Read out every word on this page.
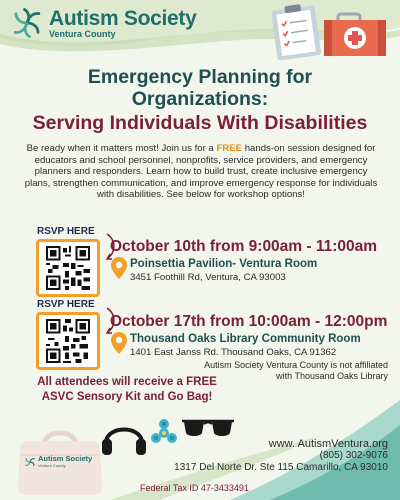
Autism Society
Ventura County
Emergency Planning for
Organizations:
Serving Individuals With Disabilities
Be ready when it matters most! Join us for a FREE hands-on session designed for educators and school personnel, nonprofits, service providers, and emergency planners and responders. Learn how to build trust, create inclusive emergency plans, strengthen communication, and improve emergency response for individuals with disabilities. See below for workshop options!
RSVP HERE
October 10th from 9:00am - 11:00am
Poinsettia Pavilion- Ventura Room
3451 Foothill Rd, Ventura, CA 93003
RSVP HERE
October 17th from 10:00am - 12:00pm
Thousand Oaks Library Community Room
1401 East Janss Rd. Thousand Oaks, CA 91362
Autism Society Ventura County is not affiliated
with Thousand Oaks Library
All attendees will receive a FREE
ASVC Sensory Kit and Go Bag!
Autism Society
Ventura County
www. AutismVentura.org
(805) 302-9076
1317 Del Norte Dr. Ste 115 Camarillo, CA 93010
Federal Tax ID 47-3433491
